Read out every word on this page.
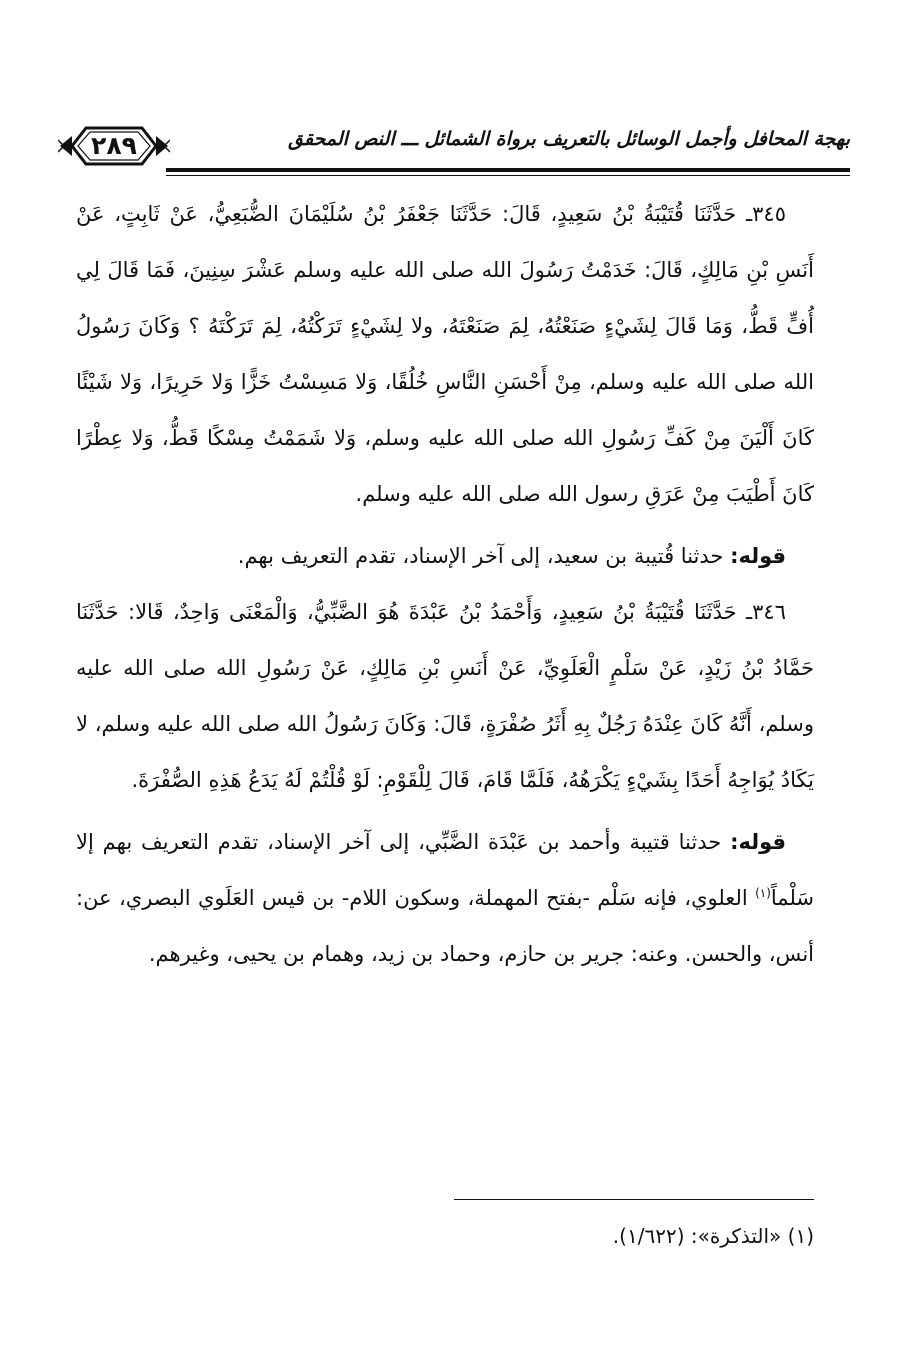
٢٨٩	بهجة المحافل وأجمل الوسائل بالتعريف برواة الشمائل ـــ النص المحقق

٣٤٥ـ حَدَّثَنَا قُتَيْبَةُ بْنُ سَعِيدٍ، قَالَ: حَدَّثَنَا جَعْفَرُ بْنُ سُلَيْمَانَ الضُّبَعِيُّ، عَنْ ثَابِتٍ، عَنْ أَنَسِ بْنِ مَالِكٍ، قَالَ: خَدَمْتُ رَسُولَ الله صلى الله عليه وسلم عَشْرَ سِنِينَ، فَمَا قَالَ لِي أُفٍّ قَطُّ، وَمَا قَالَ لِشَيْءٍ صَنَعْتُهُ، لِمَ صَنَعْتَهُ، ولا لِشَيْءٍ تَرَكْتُهُ، لِمَ تَرَكْتَهُ ؟ وَكَانَ رَسُولُ الله صلى الله عليه وسلم، مِنْ أَحْسَنِ النَّاسِ خُلُقًا، وَلا مَسِسْتُ خَزًّا وَلا حَرِيرًا، وَلا شَيْئًا كَانَ أَلْيَنَ مِنْ كَفِّ رَسُولِ الله صلى الله عليه وسلم، وَلا شَمَمْتُ مِسْكًا قَطُّ، وَلا عِطْرًا كَانَ أَطْيَبَ مِنْ عَرَقِ رسول الله صلى الله عليه وسلم.

قوله: حدثنا قُتيبة بن سعيد، إلى آخر الإسناد، تقدم التعريف بهم.

٣٤٦ـ حَدَّثَنَا قُتَيْبَةُ بْنُ سَعِيدٍ، وَأَحْمَدُ بْنُ عَبْدَةَ هُوَ الضَّبِّيُّ، وَالْمَعْنَى وَاحِدٌ، قَالا: حَدَّثَنَا حَمَّادُ بْنُ زَيْدٍ، عَنْ سَلْمٍ الْعَلَوِيِّ، عَنْ أَنَسِ بْنِ مَالِكٍ، عَنْ رَسُولِ الله صلى الله عليه وسلم، أَنَّهُ كَانَ عِنْدَهُ رَجُلٌ بِهِ أَثَرُ صُفْرَةٍ، قَالَ: وَكَانَ رَسُولُ الله صلى الله عليه وسلم، لا يَكَادُ يُوَاجِهُ أَحَدًا بِشَيْءٍ يَكْرَهُهُ، فَلَمَّا قَامَ، قَالَ لِلْقَوْمِ: لَوْ قُلْتُمْ لَهُ يَدَعُ هَذِهِ الصُّفْرَةَ.

قوله: حدثنا قتيبة وأحمد بن عَبْدَة الضَّبِّي، إلى آخر الإسناد، تقدم التعريف بهم إلا سَلْماً$^{(١)}$ العلوي، فإنه سَلْم -بفتح المهملة، وسكون اللام- بن قيس العَلَوي البصري، عن: أنس، والحسن. وعنه: جرير بن حازم، وحماد بن زيد، وهمام بن يحيى، وغيرهم.

(١) «التذكرة»: (١/٦٢٢).
